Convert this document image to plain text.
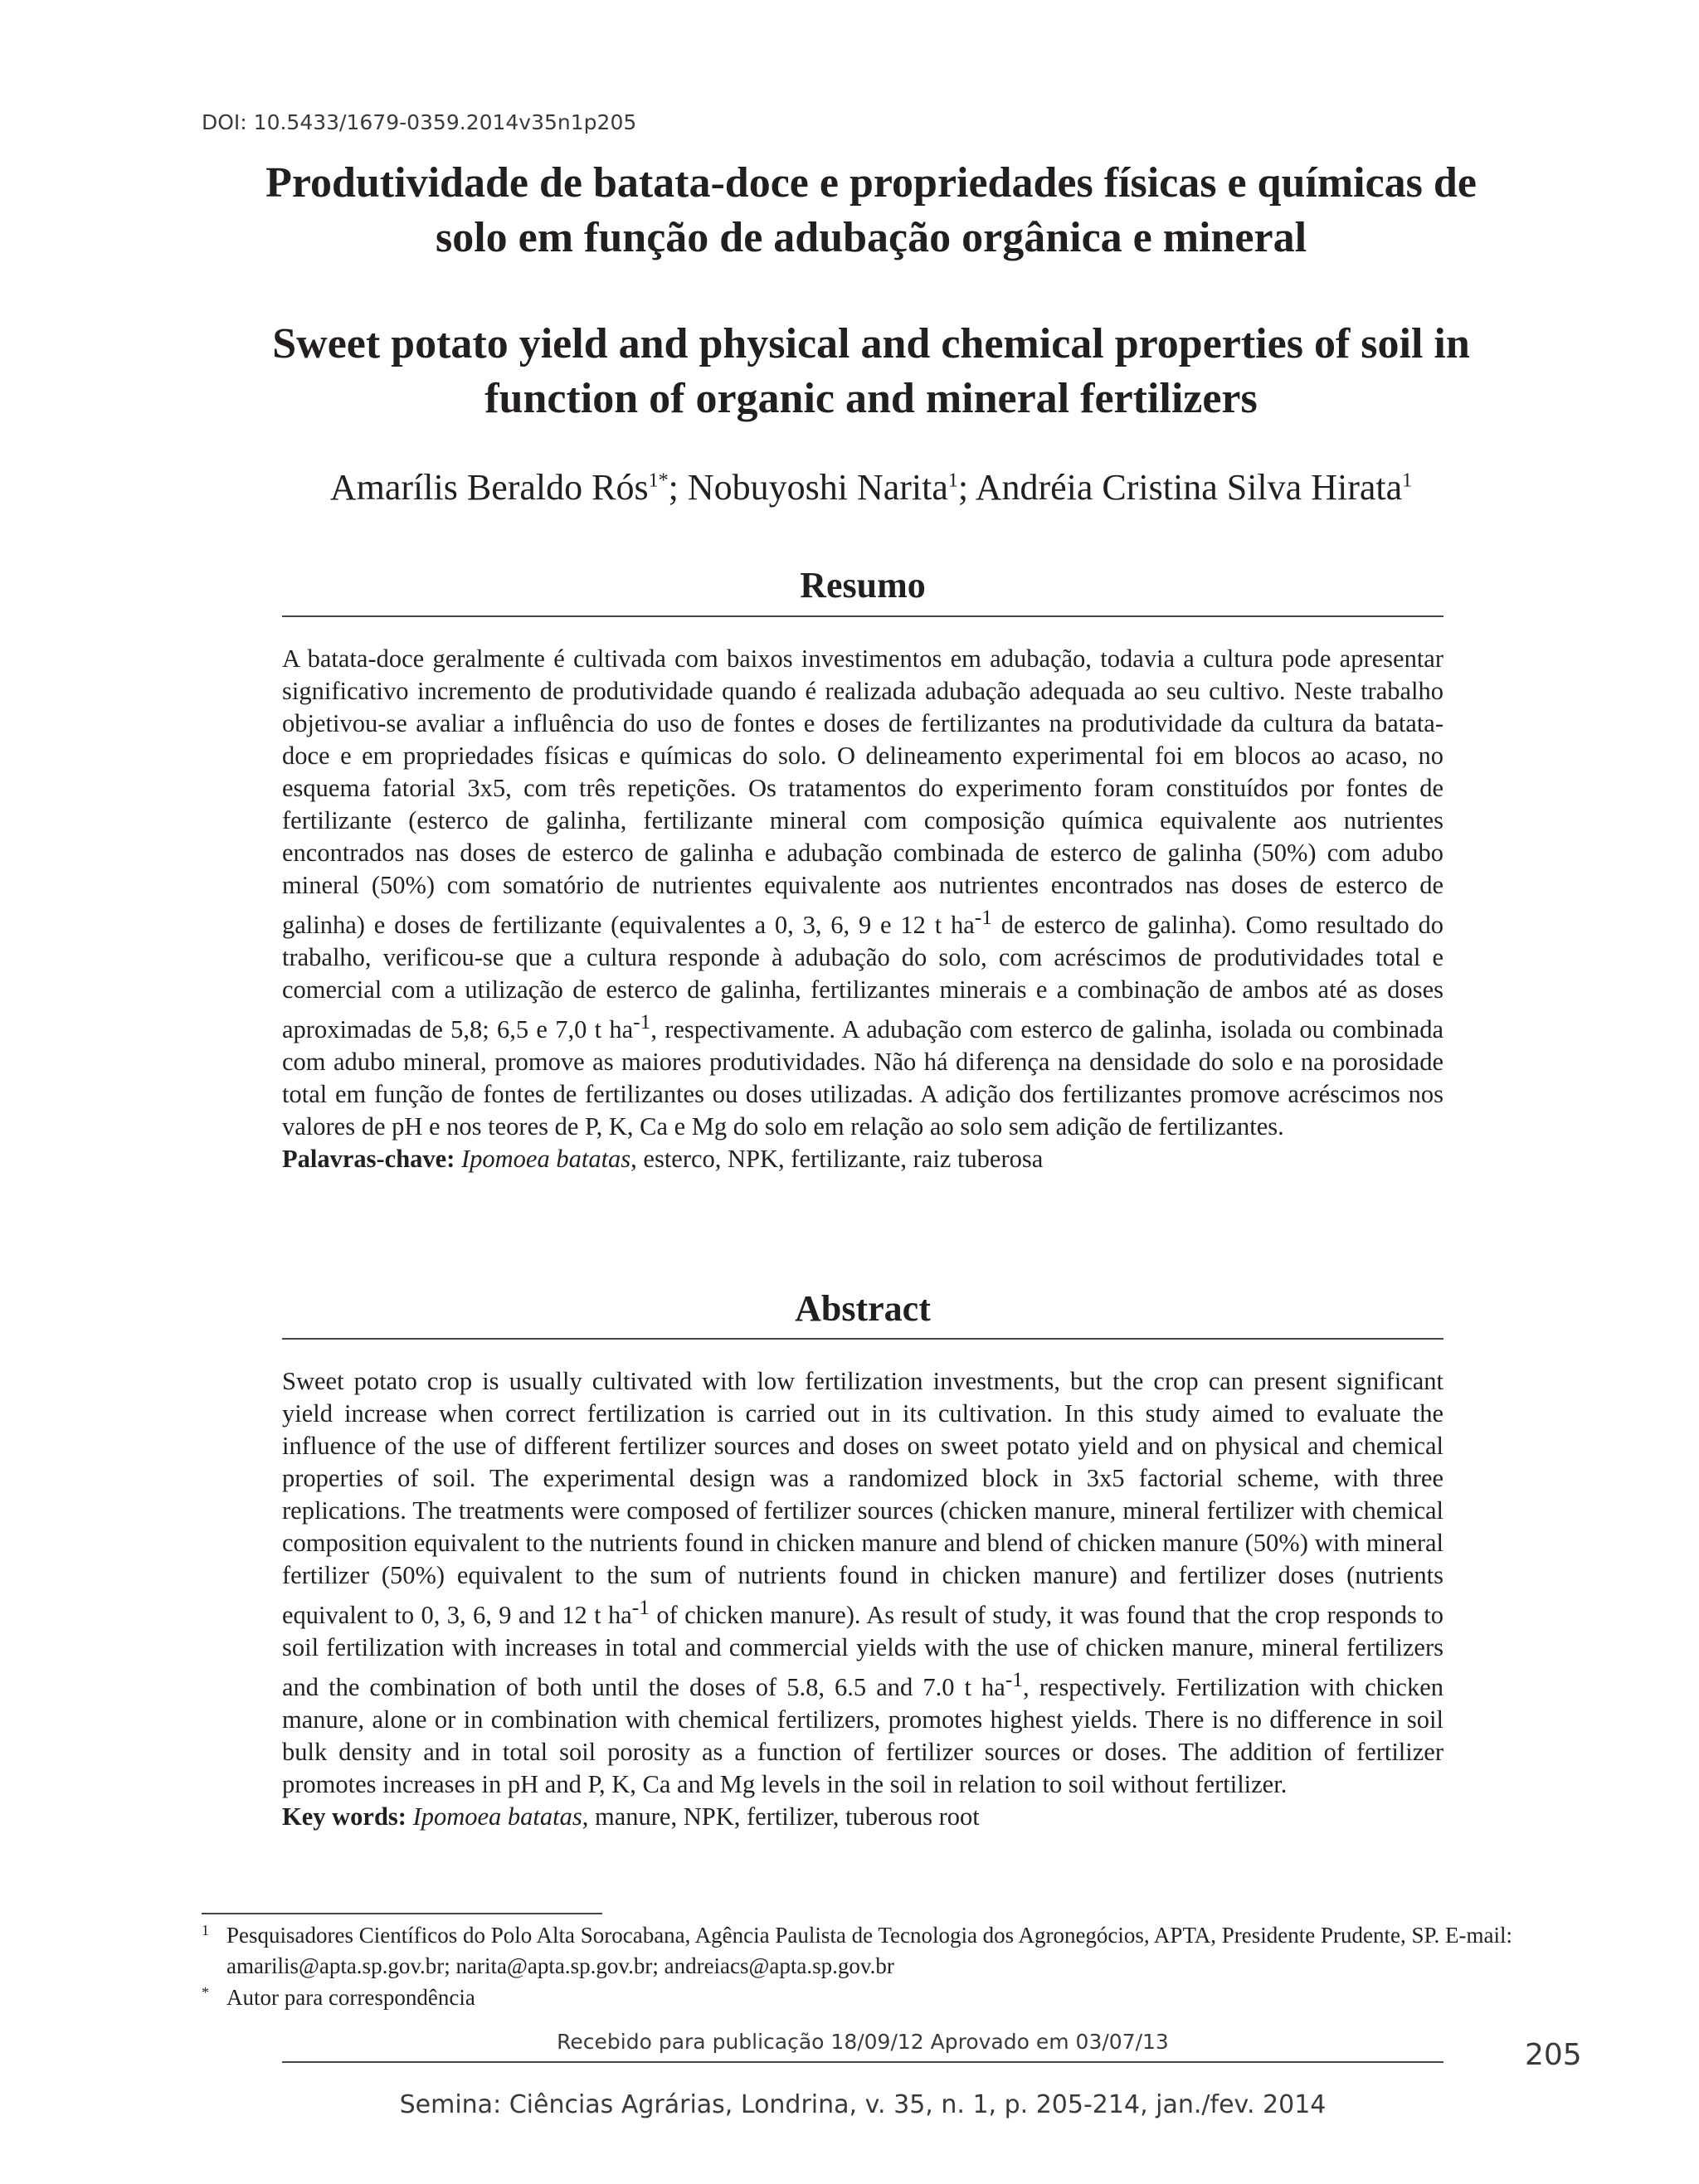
DOI: 10.5433/1679-0359.2014v35n1p205
Produtividade de batata-doce e propriedades físicas e químicas de
solo em função de adubação orgânica e mineral
Sweet potato yield and physical and chemical properties of soil in
function of organic and mineral fertilizers
Amarílis Beraldo Rós$^{1*}$; Nobuyoshi Narita$^1$; Andréia Cristina Silva Hirata$^1$
Resumo

A batata-doce geralmente é cultivada com baixos investimentos em adubação, todavia a cultura pode apresentar significativo incremento de produtividade quando é realizada adubação adequada ao seu cultivo. Neste trabalho objetivou-se avaliar a influência do uso de fontes e doses de fertilizantes na produtividade da cultura da batata-doce e em propriedades físicas e químicas do solo. O delineamento experimental foi em blocos ao acaso, no esquema fatorial 3x5, com três repetições. Os tratamentos do experimento foram constituídos por fontes de fertilizante (esterco de galinha, fertilizante mineral com composição química equivalente aos nutrientes encontrados nas doses de esterco de galinha e adubação combinada de esterco de galinha (50%) com adubo mineral (50%) com somatório de nutrientes equivalente aos nutrientes encontrados nas doses de esterco de galinha) e doses de fertilizante (equivalentes a 0, 3, 6, 9 e 12 t $ha^{-1}$ de esterco de galinha). Como resultado do trabalho, verificou-se que a cultura responde à adubação do solo, com acréscimos de produtividades total e comercial com a utilização de esterco de galinha, fertilizantes minerais e a combinação de ambos até as doses aproximadas de 5,8; 6,5 e 7,0 t $ha^{-1}$, respectivamente. A adubação com esterco de galinha, isolada ou combinada com adubo mineral, promove as maiores produtividades. Não há diferença na densidade do solo e na porosidade total em função de fontes de fertilizantes ou doses utilizadas. A adição dos fertilizantes promove acréscimos nos valores de pH e nos teores de P, K, Ca e Mg do solo em relação ao solo sem adição de fertilizantes.
Palavras-chave: Ipomoea batatas, esterco, NPK, fertilizante, raiz tuberosa

Abstract

Sweet potato crop is usually cultivated with low fertilization investments, but the crop can present significant yield increase when correct fertilization is carried out in its cultivation. In this study aimed to evaluate the influence of the use of different fertilizer sources and doses on sweet potato yield and on physical and chemical properties of soil. The experimental design was a randomized block in 3x5 factorial scheme, with three replications. The treatments were composed of fertilizer sources (chicken manure, mineral fertilizer with chemical composition equivalent to the nutrients found in chicken manure and blend of chicken manure (50%) with mineral fertilizer (50%) equivalent to the sum of nutrients found in chicken manure) and fertilizer doses (nutrients equivalent to 0, 3, 6, 9 and 12 t $ha^{-1}$ of chicken manure). As result of study, it was found that the crop responds to soil fertilization with increases in total and commercial yields with the use of chicken manure, mineral fertilizers and the combination of both until the doses of 5.8, 6.5 and 7.0 t $ha^{-1}$, respectively. Fertilization with chicken manure, alone or in combination with chemical fertilizers, promotes highest yields. There is no difference in soil bulk density and in total soil porosity as a function of fertilizer sources or doses. The addition of fertilizer promotes increases in pH and P, K, Ca and Mg levels in the soil in relation to soil without fertilizer.
Key words: Ipomoea batatas, manure, NPK, fertilizer, tuberous root

1 Pesquisadores Científicos do Polo Alta Sorocabana, Agência Paulista de Tecnologia dos Agronegócios, APTA, Presidente Prudente, SP. E-mail: amarilis@apta.sp.gov.br; narita@apta.sp.gov.br; andreiacs@apta.sp.gov.br
* Autor para correspondência
Recebido para publicação 18/09/12 Aprovado em 03/07/13	205
Semina: Ciências Agrárias, Londrina, v. 35, n. 1, p. 205-214, jan./fev. 2014
